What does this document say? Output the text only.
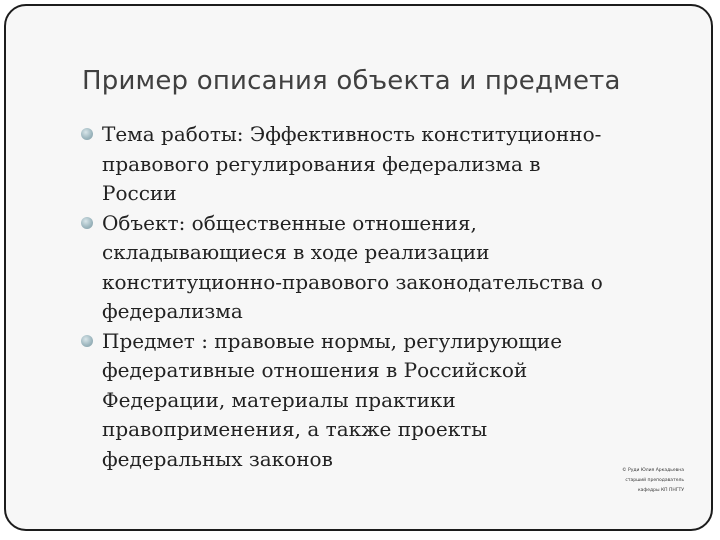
Пример описания объекта и предмета
Тема работы: Эффективность конституционно-
правового регулирования федерализма в
России
Объект: общественные отношения,
складывающиеся в ходе реализации
конституционно-правового законодательства о
федерализма
Предмет : правовые нормы, регулирующие
федеративные отношения в Российской
Федерации, материалы практики
правоприменения, а также проекты
федеральных законов	© Руди Юлия Аркадьевна
старший преподаватель
кафедры КП ПНГТУ
